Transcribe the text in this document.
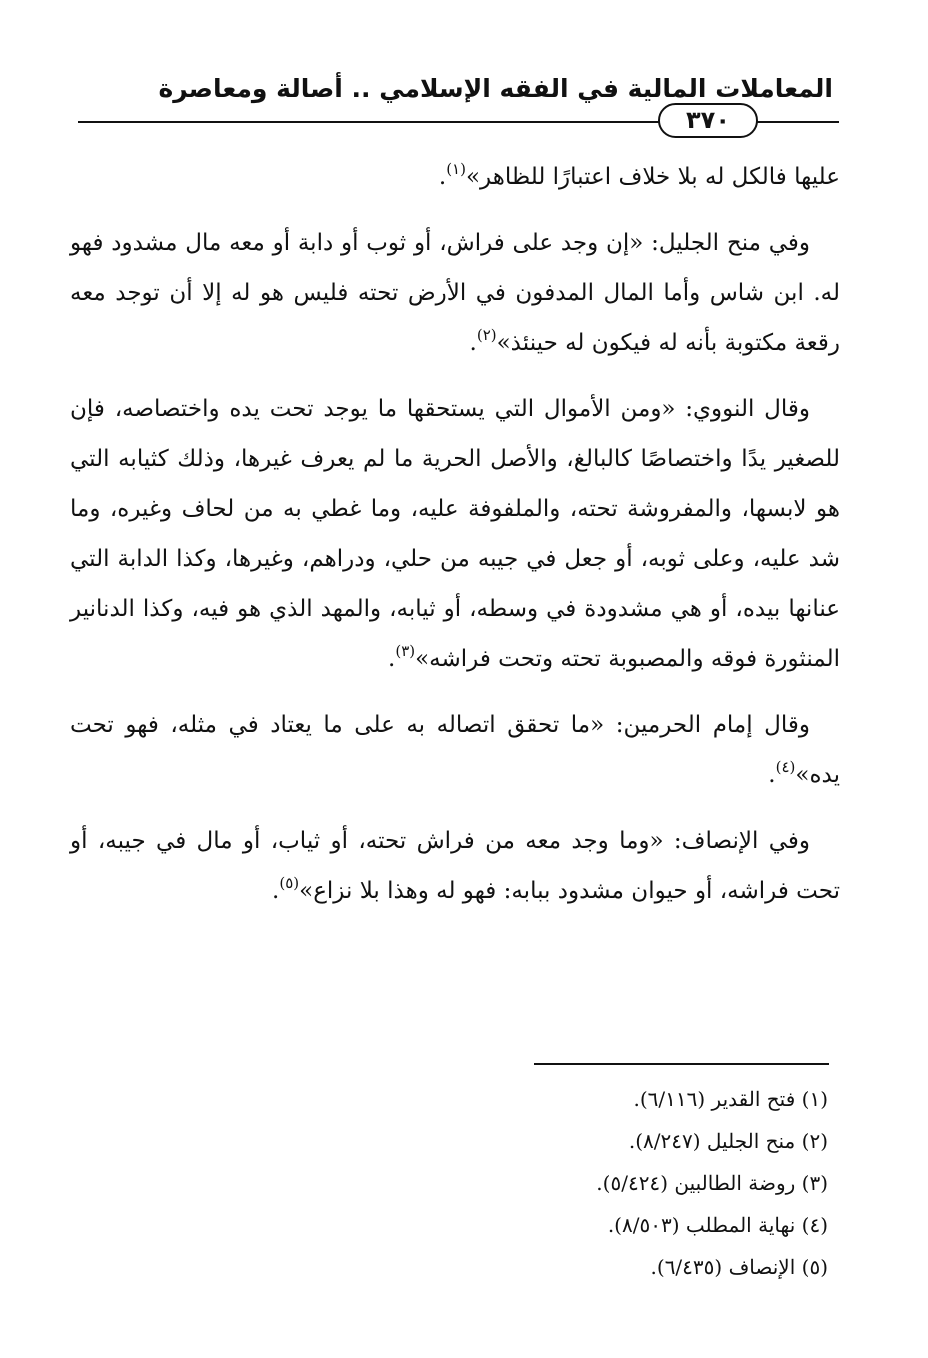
المعاملات المالية في الفقه الإسلامي .. أصالة ومعاصرة
٣٧٠

عليها فالكل له بلا خلاف اعتبارًا للظاهر»$^{(١)}$.

وفي منح الجليل: «إن وجد على فراش، أو ثوب أو دابة أو معه مال مشدود فهو له. ابن شاس وأما المال المدفون في الأرض تحته فليس هو له إلا أن توجد معه رقعة مكتوبة بأنه له فيكون له حينئذ»$^{(٢)}$.

وقال النووي: «ومن الأموال التي يستحقها ما يوجد تحت يده واختصاصه، فإن للصغير يدًا واختصاصًا كالبالغ، والأصل الحرية ما لم يعرف غيرها، وذلك كثيابه التي هو لابسها، والمفروشة تحته، والملفوفة عليه، وما غطي به من لحاف وغيره، وما شد عليه، وعلى ثوبه، أو جعل في جيبه من حلي، ودراهم، وغيرها، وكذا الدابة التي عنانها بيده، أو هي مشدودة في وسطه، أو ثيابه، والمهد الذي هو فيه، وكذا الدنانير المنثورة فوقه والمصبوبة تحته وتحت فراشه»$^{(٣)}$.

وقال إمام الحرمين: «ما تحقق اتصاله به على ما يعتاد في مثله، فهو تحت يده»$^{(٤)}$.

وفي الإنصاف: «وما وجد معه من فراش تحته، أو ثياب، أو مال في جيبه، أو تحت فراشه، أو حيوان مشدود ببابه: فهو له وهذا بلا نزاع»$^{(٥)}$.

(١) فتح القدير (٦/١١٦).
(٢) منح الجليل (٨/٢٤٧).
(٣) روضة الطالبين (٥/٤٢٤).
(٤) نهاية المطلب (٨/٥٠٣).
(٥) الإنصاف (٦/٤٣٥).
